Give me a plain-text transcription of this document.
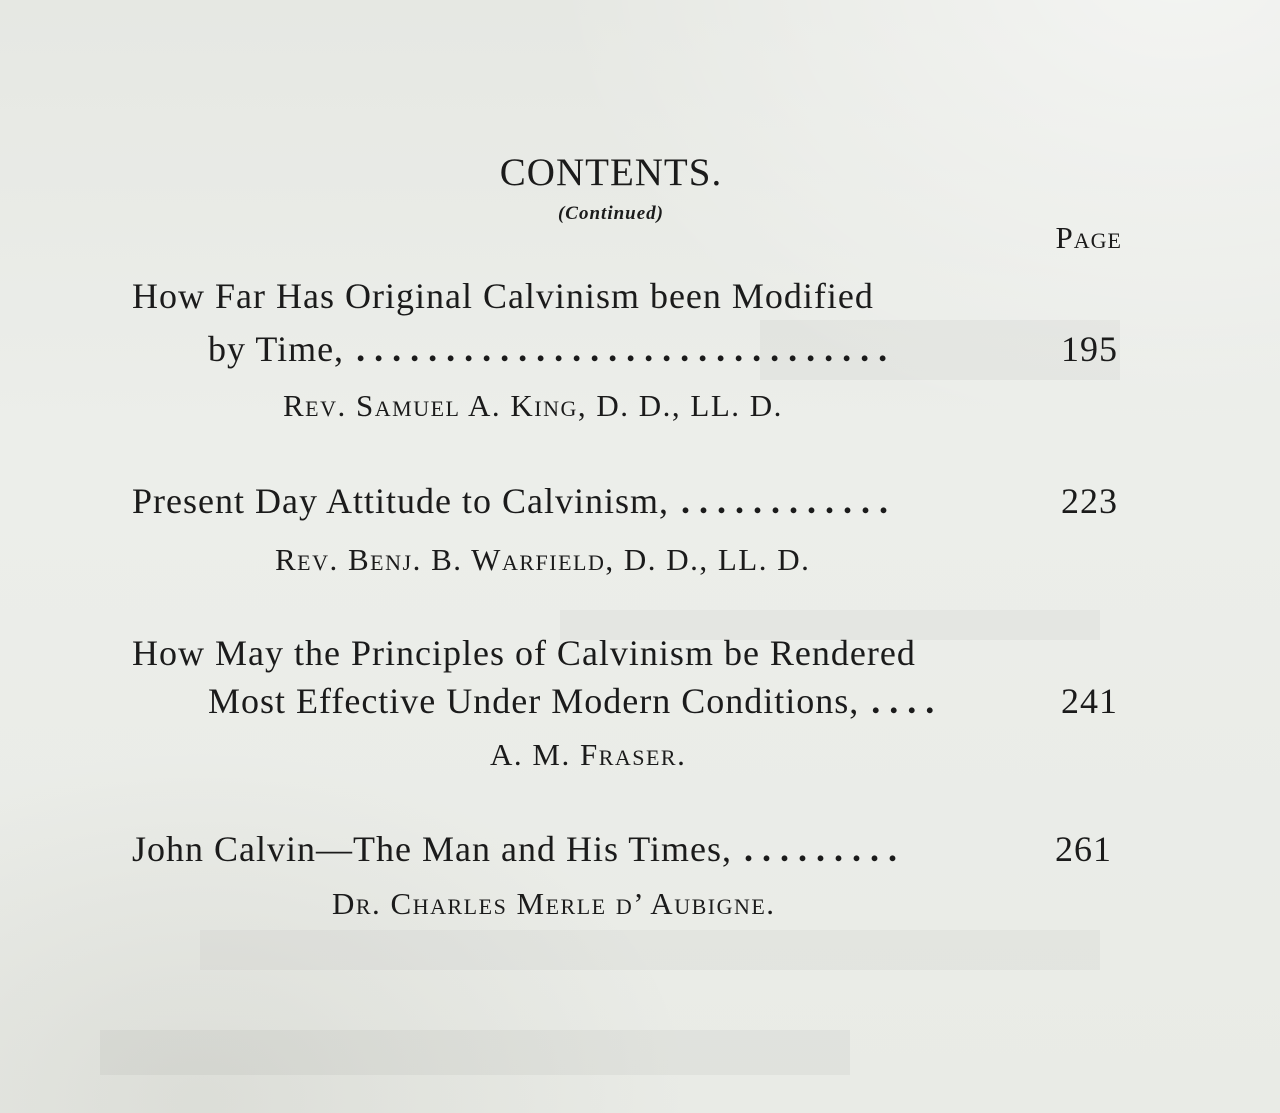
CONTENTS.
(Continued)
Page
How Far Has Original Calvinism been Modified
by Time, ..............................	195
Rev. Samuel A. King, D. D., LL. D.
Present Day Attitude to Calvinism, ............	223
Rev. Benj. B. Warfield, D. D., LL. D.
How May the Principles of Calvinism be Rendered
Most Effective Under Modern Conditions, ....	241
A. M. Fraser.
John Calvin—The Man and His Times, .........	261
Dr. Charles Merle d’ Aubigne.
